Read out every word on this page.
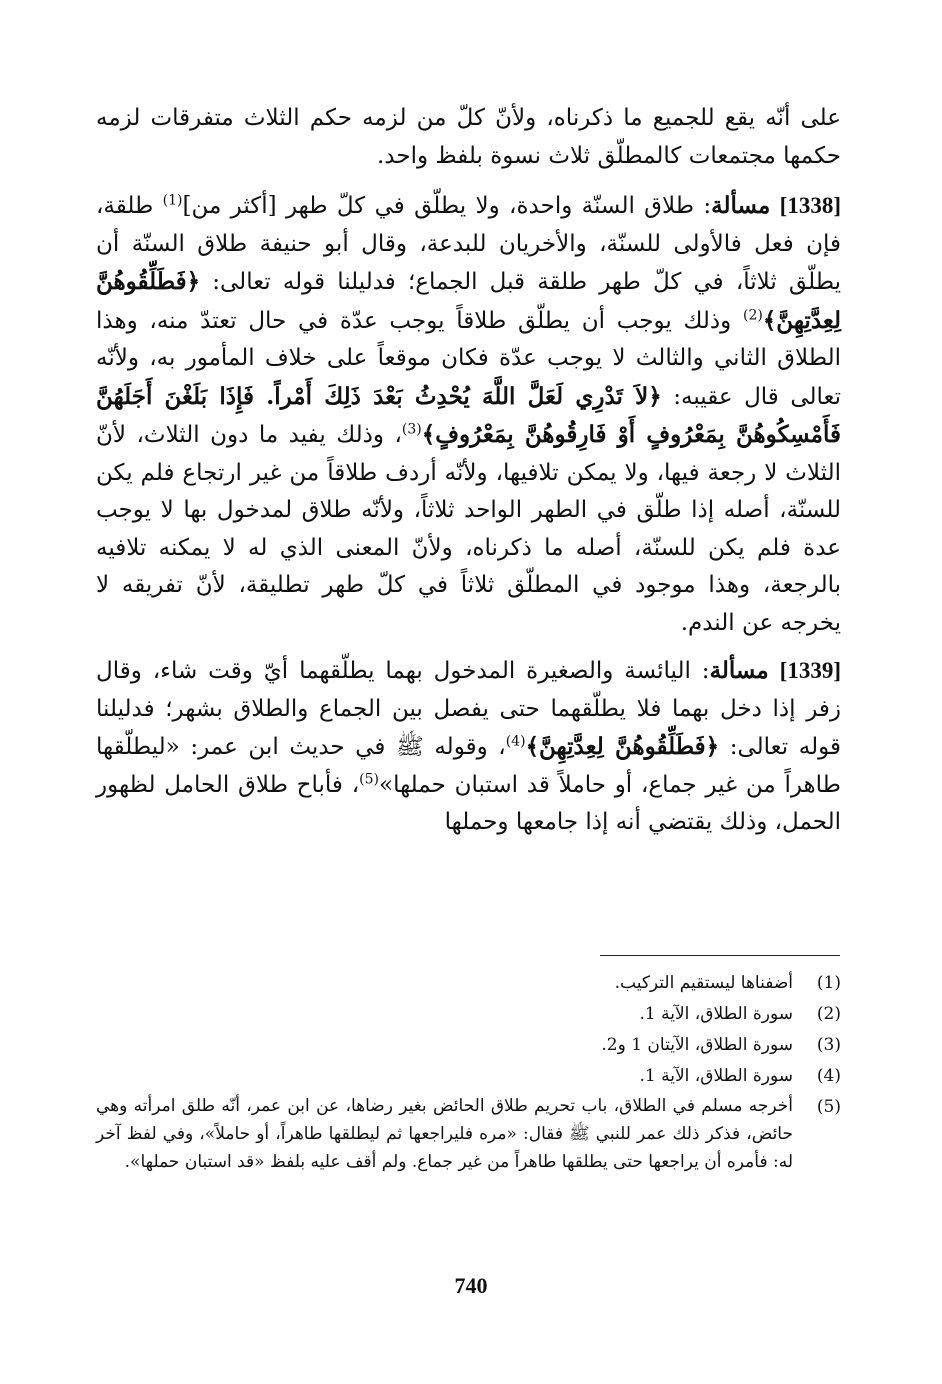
على أنّه يقع للجميع ما ذكرناه، ولأنّ كلّ من لزمه حكم الثلاث متفرقات لزمه حكمها مجتمعات كالمطلّق ثلاث نسوة بلفظ واحد.

[1338] مسألة: طلاق السنّة واحدة، ولا يطلّق في كلّ طهر [أكثر من]$^{(1)}$ طلقة، فإن فعل فالأولى للسنّة، والأخريان للبدعة، وقال أبو حنيفة طلاق السنّة أن يطلّق ثلاثاً، في كلّ طهر طلقة قبل الجماع؛ فدليلنا قوله تعالى: ﴿فَطَلِّقُوهُنَّ لِعِدَّتِهِنَّ﴾$^{(2)}$ وذلك يوجب أن يطلّق طلاقاً يوجب عدّة في حال تعتدّ منه، وهذا الطلاق الثاني والثالث لا يوجب عدّة فكان موقعاً على خلاف المأمور به، ولأنّه تعالى قال عقيبه: ﴿لاَ تَدْرِي لَعَلَّ اللَّهَ يُحْدِثُ بَعْدَ ذَلِكَ أَمْراً. فَإِذَا بَلَغْنَ أَجَلَهُنَّ فَأَمْسِكُوهُنَّ بِمَعْرُوفٍ أَوْ فَارِقُوهُنَّ بِمَعْرُوفٍ﴾$^{(3)}$، وذلك يفيد ما دون الثلاث، لأنّ الثلاث لا رجعة فيها، ولا يمكن تلافيها، ولأنّه أردف طلاقاً من غير ارتجاع فلم يكن للسنّة، أصله إذا طلّق في الطهر الواحد ثلاثاً، ولأنّه طلاق لمدخول بها لا يوجب عدة فلم يكن للسنّة، أصله ما ذكرناه، ولأنّ المعنى الذي له لا يمكنه تلافيه بالرجعة، وهذا موجود في المطلّق ثلاثاً في كلّ طهر تطليقة، لأنّ تفريقه لا يخرجه عن الندم.

[1339] مسألة: اليائسة والصغيرة المدخول بهما يطلّقهما أيّ وقت شاء، وقال زفر إذا دخل بهما فلا يطلّقهما حتى يفصل بين الجماع والطلاق بشهر؛ فدليلنا قوله تعالى: ﴿فَطَلِّقُوهُنَّ لِعِدَّتِهِنَّ﴾$^{(4)}$، وقوله ﷺ في حديث ابن عمر: «ليطلّقها طاهراً من غير جماع، أو حاملاً قد استبان حملها»$^{(5)}$، فأباح طلاق الحامل لظهور الحمل، وذلك يقتضي أنه إذا جامعها وحملها

(1)
أضفناها ليستقيم التركيب.
(2)
سورة الطلاق، الآية 1.
(3)
سورة الطلاق، الآيتان 1 و2.
(4)
سورة الطلاق، الآية 1.
(5)
أخرجه مسلم في الطلاق، باب تحريم طلاق الحائض بغير رضاها، عن ابن عمر، أنّه طلق امرأته وهي حائض، فذكر ذلك عمر للنبي ﷺ فقال: «مره فليراجعها ثم ليطلقها طاهراً، أو حاملاً»، وفي لفظ آخر له: فأمره أن يراجعها حتى يطلقها طاهراً من غير جماع. ولم أقف عليه بلفظ «قد استبان حملها».
740
